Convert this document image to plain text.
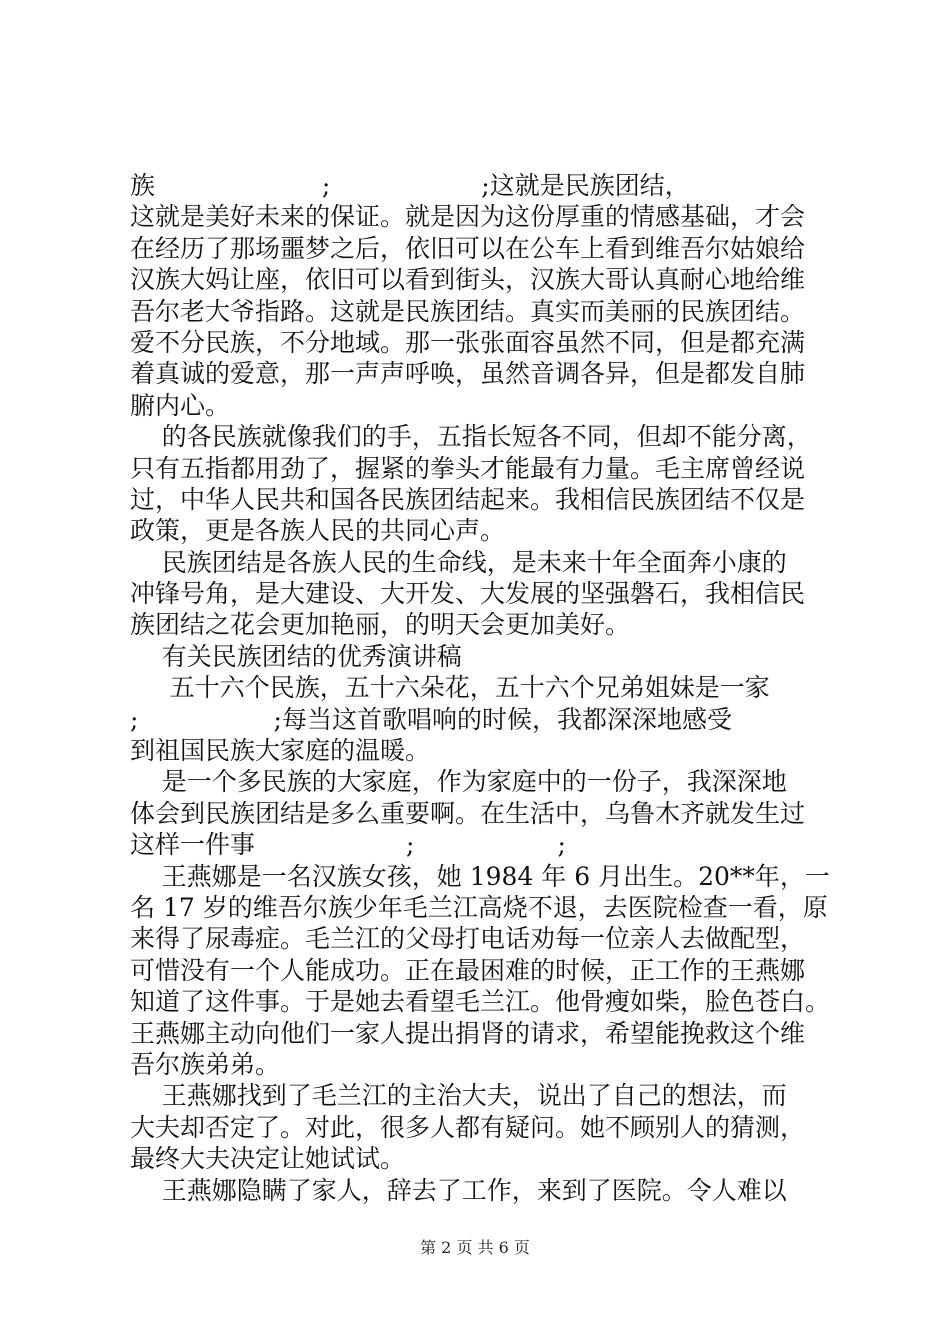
族                     ;                   ;这就是民族团结，
这就是美好未来的保证。就是因为这份厚重的情感基础，才会
在经历了那场噩梦之后，依旧可以在公车上看到维吾尔姑娘给
汉族大妈让座，依旧可以看到街头，汉族大哥认真耐心地给维
吾尔老大爷指路。这就是民族团结。真实而美丽的民族团结。
爱不分民族，不分地域。那一张张面容虽然不同，但是都充满
着真诚的爱意，那一声声呼唤，虽然音调各异，但是都发自肺
腑内心。
的各民族就像我们的手，五指长短各不同，但却不能分离，
只有五指都用劲了，握紧的拳头才能最有力量。毛主席曾经说
过，中华人民共和国各民族团结起来。我相信民族团结不仅是
政策，更是各族人民的共同心声。
民族团结是各族人民的生命线，是未来十年全面奔小康的
冲锋号角，是大建设、大开发、大发展的坚强磐石，我相信民
族团结之花会更加艳丽，的明天会更加美好。
有关民族团结的优秀演讲稿
五十六个民族，五十六朵花，五十六个兄弟姐妹是一家
;                 ;每当这首歌唱响的时候，我都深深地感受
到祖国民族大家庭的温暖。
是一个多民族的大家庭，作为家庭中的一份子，我深深地
体会到民族团结是多么重要啊。在生活中，乌鲁木齐就发生过
这样一件事                   ;                  ;
王燕娜是一名汉族女孩，她 1984 年 6 月出生。20**年，一
名 17 岁的维吾尔族少年毛兰江高烧不退，去医院检查一看，原
来得了尿毒症。毛兰江的父母打电话劝每一位亲人去做配型，
可惜没有一个人能成功。正在最困难的时候，正工作的王燕娜
知道了这件事。于是她去看望毛兰江。他骨瘦如柴，脸色苍白。
王燕娜主动向他们一家人提出捐肾的请求，希望能挽救这个维
吾尔族弟弟。
王燕娜找到了毛兰江的主治大夫，说出了自己的想法，而
大夫却否定了。对此，很多人都有疑问。她不顾别人的猜测，
最终大夫决定让她试试。
王燕娜隐瞒了家人，辞去了工作，来到了医院。令人难以
第 2 页 共 6 页
